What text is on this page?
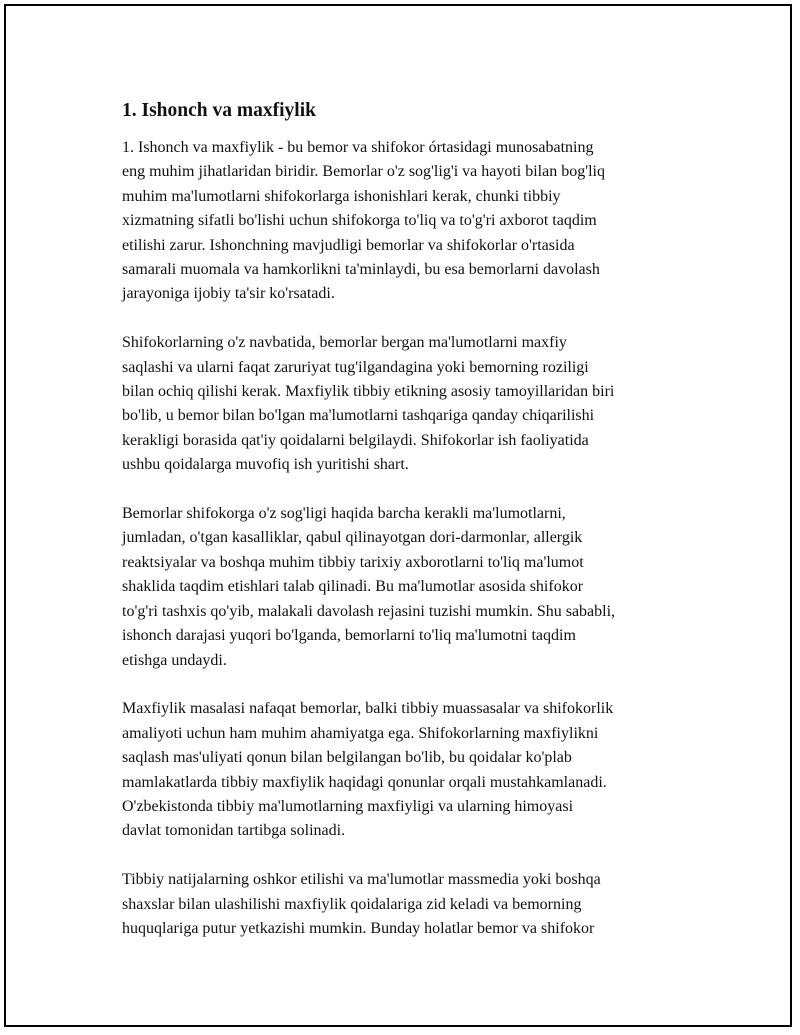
1. Ishonch va maxfiylik
1. Ishonch va maxfiylik - bu bemor va shifokor órtasidagi munosabatning
eng muhim jihatlaridan biridir. Bemorlar o'z sog'lig'i va hayoti bilan bog'liq
muhim ma'lumotlarni shifokorlarga ishonishlari kerak, chunki tibbiy
xizmatning sifatli bo'lishi uchun shifokorga to'liq va to'g'ri axborot taqdim
etilishi zarur. Ishonchning mavjudligi bemorlar va shifokorlar o'rtasida
samarali muomala va hamkorlikni ta'minlaydi, bu esa bemorlarni davolash
jarayoniga ijobiy ta'sir ko'rsatadi.
Shifokorlarning o'z navbatida, bemorlar bergan ma'lumotlarni maxfiy
saqlashi va ularni faqat zaruriyat tug'ilgandagina yoki bemorning roziligi
bilan ochiq qilishi kerak. Maxfiylik tibbiy etikning asosiy tamoyillaridan biri
bo'lib, u bemor bilan bo'lgan ma'lumotlarni tashqariga qanday chiqarilishi
kerakligi borasida qat'iy qoidalarni belgilaydi. Shifokorlar ish faoliyatida
ushbu qoidalarga muvofiq ish yuritishi shart.
Bemorlar shifokorga o'z sog'ligi haqida barcha kerakli ma'lumotlarni,
jumladan, o'tgan kasalliklar, qabul qilinayotgan dori-darmonlar, allergik
reaktsiyalar va boshqa muhim tibbiy tarixiy axborotlarni to'liq ma'lumot
shaklida taqdim etishlari talab qilinadi. Bu ma'lumotlar asosida shifokor
to'g'ri tashxis qo'yib, malakali davolash rejasini tuzishi mumkin. Shu sababli,
ishonch darajasi yuqori bo'lganda, bemorlarni to'liq ma'lumotni taqdim
etishga undaydi.
Maxfiylik masalasi nafaqat bemorlar, balki tibbiy muassasalar va shifokorlik
amaliyoti uchun ham muhim ahamiyatga ega. Shifokorlarning maxfiylikni
saqlash mas'uliyati qonun bilan belgilangan bo'lib, bu qoidalar ko'plab
mamlakatlarda tibbiy maxfiylik haqidagi qonunlar orqali mustahkamlanadi.
O'zbekistonda tibbiy ma'lumotlarning maxfiyligi va ularning himoyasi
davlat tomonidan tartibga solinadi.
Tibbiy natijalarning oshkor etilishi va ma'lumotlar massmedia yoki boshqa
shaxslar bilan ulashilishi maxfiylik qoidalariga zid keladi va bemorning
huquqlariga putur yetkazishi mumkin. Bunday holatlar bemor va shifokor
